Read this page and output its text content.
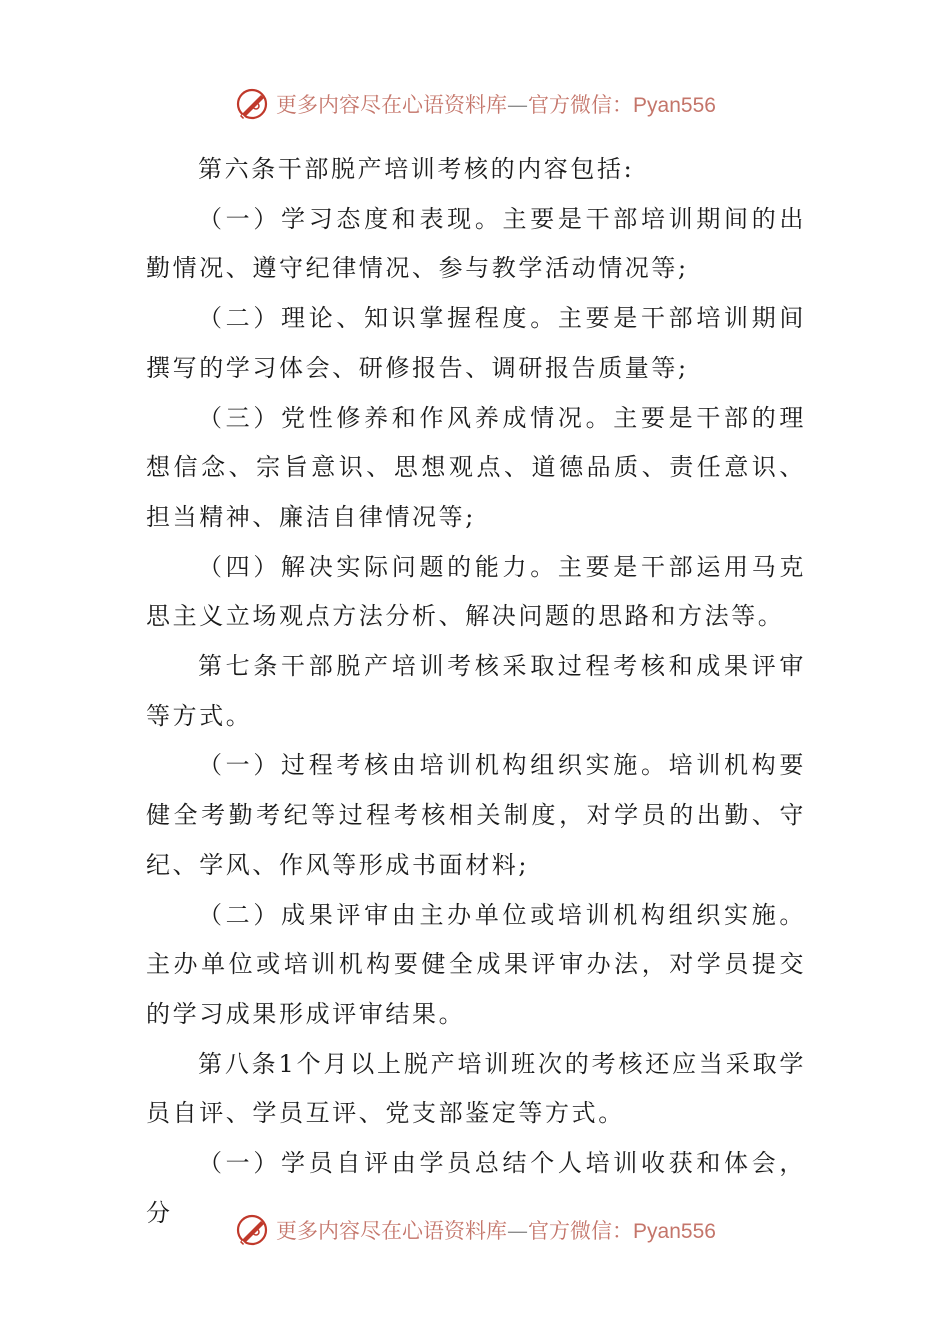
更多内容尽在心语资料库—官方微信：Pyan556

第六条干部脱产培训考核的内容包括:

（一）学习态度和表现。主要是干部培训期间的出勤情况、遵守纪律情况、参与教学活动情况等;

（二）理论、知识掌握程度。主要是干部培训期间撰写的学习体会、研修报告、调研报告质量等;

（三）党性修养和作风养成情况。主要是干部的理想信念、宗旨意识、思想观点、道德品质、责任意识、担当精神、廉洁自律情况等;

（四）解决实际问题的能力。主要是干部运用马克思主义立场观点方法分析、解决问题的思路和方法等。

第七条干部脱产培训考核采取过程考核和成果评审等方式。

（一）过程考核由培训机构组织实施。培训机构要健全考勤考纪等过程考核相关制度，对学员的出勤、守纪、学风、作风等形成书面材料;

（二）成果评审由主办单位或培训机构组织实施。主办单位或培训机构要健全成果评审办法，对学员提交的学习成果形成评审结果。

第八条1个月以上脱产培训班次的考核还应当采取学员自评、学员互评、党支部鉴定等方式。

（一）学员自评由学员总结个人培训收获和体会，分

更多内容尽在心语资料库—官方微信：Pyan556
